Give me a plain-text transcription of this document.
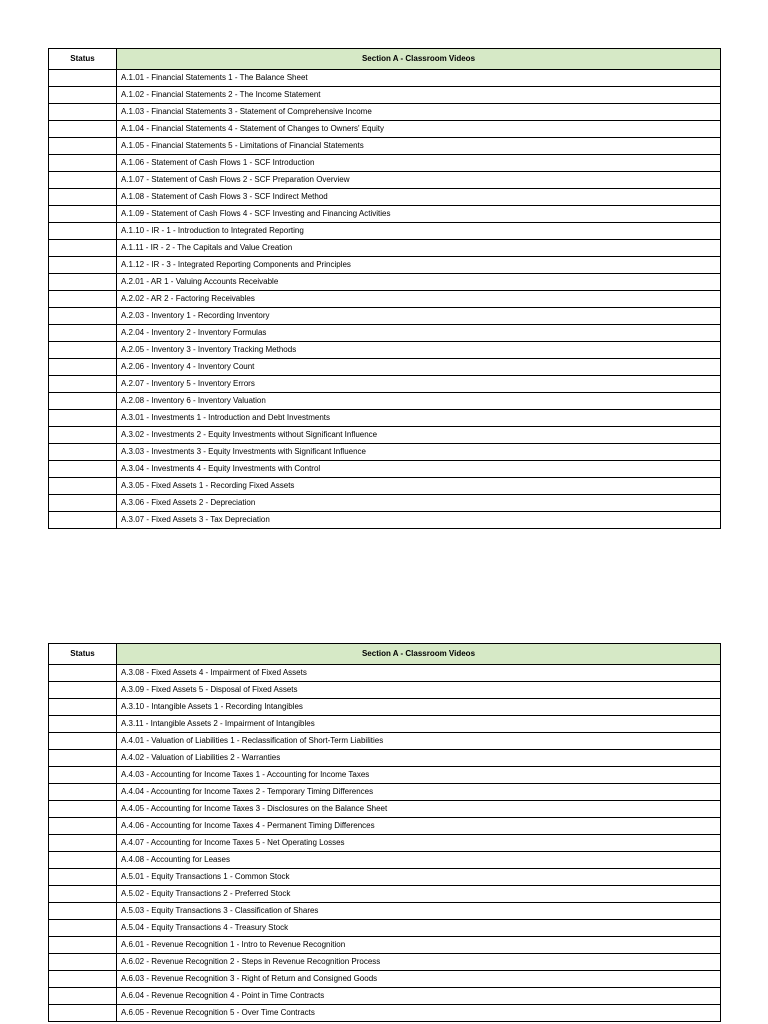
Status	Section A - Classroom Videos
	A.1.01 - Financial Statements 1 - The Balance Sheet
	A.1.02 - Financial Statements 2 - The Income Statement
	A.1.03 - Financial Statements 3 - Statement of Comprehensive Income
	A.1.04 - Financial Statements 4 - Statement of Changes to Owners' Equity
	A.1.05 - Financial Statements 5 - Limitations of Financial Statements
	A.1.06 - Statement of Cash Flows 1 - SCF Introduction
	A.1.07 - Statement of Cash Flows 2 - SCF Preparation Overview
	A.1.08 - Statement of Cash Flows 3 - SCF Indirect Method
	A.1.09 - Statement of Cash Flows 4 - SCF Investing and Financing Activities
	A.1.10 - IR - 1 - Introduction to Integrated Reporting
	A.1.11 - IR - 2 - The Capitals and Value Creation
	A.1.12 - IR - 3 - Integrated Reporting Components and Principles
	A.2.01 - AR 1 - Valuing Accounts Receivable
	A.2.02 - AR 2 - Factoring Receivables
	A.2.03 - Inventory 1 - Recording Inventory
	A.2.04 - Inventory 2 - Inventory Formulas
	A.2.05 - Inventory 3 - Inventory Tracking Methods
	A.2.06 - Inventory 4 - Inventory Count
	A.2.07 - Inventory 5 - Inventory Errors
	A.2.08 - Inventory 6 - Inventory Valuation
	A.3.01 - Investments 1 - Introduction and Debt Investments
	A.3.02 - Investments 2 - Equity Investments without Significant Influence
	A.3.03 - Investments 3 - Equity Investments with Significant Influence
	A.3.04 - Investments 4 - Equity Investments with Control
	A.3.05 - Fixed Assets 1 - Recording Fixed Assets
	A.3.06 - Fixed Assets 2 - Depreciation
	A.3.07 - Fixed Assets 3 - Tax Depreciation
Status	Section A - Classroom Videos
	A.3.08 - Fixed Assets 4 - Impairment of Fixed Assets
	A.3.09 - Fixed Assets 5 - Disposal of Fixed Assets
	A.3.10 - Intangible Assets 1 - Recording Intangibles
	A.3.11 - Intangible Assets 2 - Impairment of Intangibles
	A.4.01 - Valuation of Liabilities 1 - Reclassification of Short-Term Liabilities
	A.4.02 - Valuation of Liabilities 2 - Warranties
	A.4.03 - Accounting for Income Taxes 1 - Accounting for Income Taxes
	A.4.04 - Accounting for Income Taxes 2 - Temporary Timing Differences
	A.4.05 - Accounting for Income Taxes 3 - Disclosures on the Balance Sheet
	A.4.06 - Accounting for Income Taxes 4 - Permanent Timing Differences
	A.4.07 - Accounting for Income Taxes 5 - Net Operating Losses
	A.4.08 - Accounting for Leases
	A.5.01 - Equity Transactions 1 - Common Stock
	A.5.02 - Equity Transactions 2 - Preferred Stock
	A.5.03 - Equity Transactions 3 - Classification of Shares
	A.5.04 - Equity Transactions 4 - Treasury Stock
	A.6.01 - Revenue Recognition 1 - Intro to Revenue Recognition
	A.6.02 - Revenue Recognition 2 - Steps in Revenue Recognition Process
	A.6.03 - Revenue Recognition 3 - Right of Return and Consigned Goods
	A.6.04 - Revenue Recognition 4 - Point in Time Contracts
	A.6.05 - Revenue Recognition 5 - Over Time Contracts
